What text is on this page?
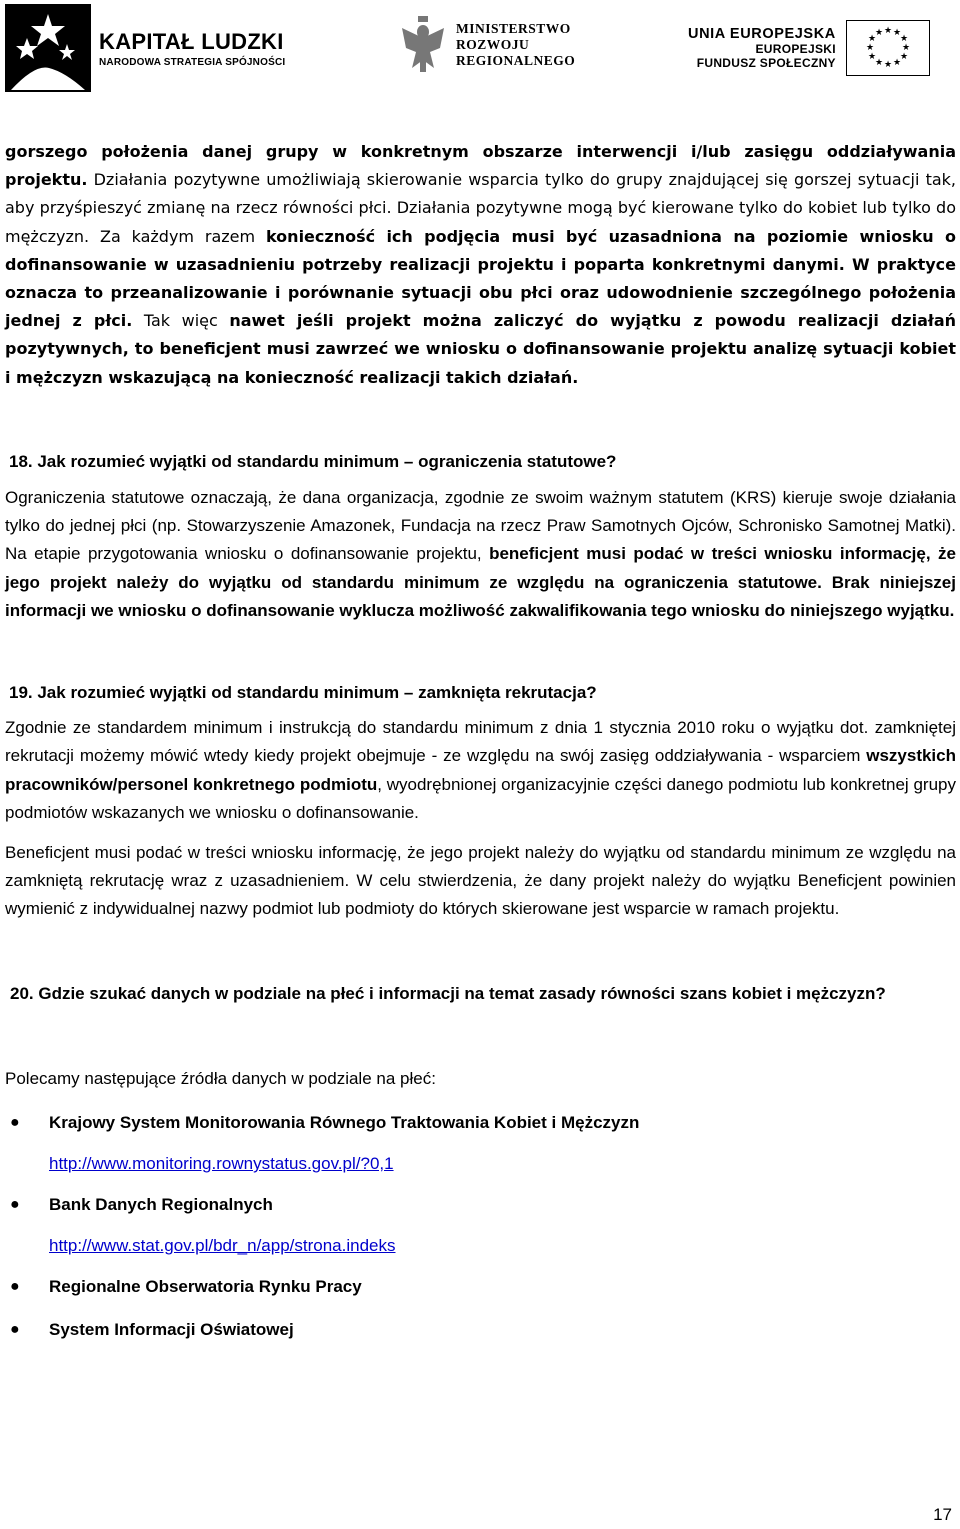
KAPITAŁ LUDZKI
NARODOWA STRATEGIA SPÓJNOŚCI
MINISTERSTWO
ROZWOJU
REGIONALNEGO
UNIA EUROPEJSKA
EUROPEJSKI
FUNDUSZ SPOŁECZNY
★ ★
★
★
★
★
★
★
★
★
★
★

gorszego położenia danej grupy w konkretnym obszarze interwencji i/lub zasięgu oddziaływania projektu. Działania pozytywne umożliwiają skierowanie wsparcia tylko do grupy znajdującej się gorszej sytuacji tak, aby przyśpieszyć zmianę na rzecz równości płci. Działania pozytywne mogą być kierowane tylko do kobiet lub tylko do mężczyzn. Za każdym razem konieczność ich podjęcia musi być uzasadniona na poziomie wniosku o dofinansowanie w uzasadnieniu potrzeby realizacji projektu i poparta konkretnymi danymi. W praktyce oznacza to przeanalizowanie i porównanie sytuacji obu płci oraz udowodnienie szczególnego położenia jednej z płci. Tak więc nawet jeśli projekt można zaliczyć do wyjątku z powodu realizacji działań pozytywnych, to beneficjent musi zawrzeć we wniosku o dofinansowanie projektu analizę sytuacji kobiet i mężczyzn wskazującą na konieczność realizacji takich działań.

18. Jak rozumieć wyjątki od standardu minimum – ograniczenia statutowe?

Ograniczenia statutowe oznaczają, że dana organizacja, zgodnie ze swoim ważnym statutem (KRS) kieruje swoje działania tylko do jednej płci (np. Stowarzyszenie Amazonek, Fundacja na rzecz Praw Samotnych Ojców, Schronisko Samotnej Matki). Na etapie przygotowania wniosku o dofinansowanie projektu, beneficjent musi podać w treści wniosku informację, że jego projekt należy do wyjątku od standardu minimum ze względu na ograniczenia statutowe. Brak niniejszej informacji we wniosku o dofinansowanie wyklucza możliwość zakwalifikowania tego wniosku do niniejszego wyjątku.

19. Jak rozumieć wyjątki od standardu minimum – zamknięta rekrutacja?

Zgodnie ze standardem minimum i instrukcją do standardu minimum z dnia 1 stycznia 2010 roku o wyjątku dot. zamkniętej rekrutacji możemy mówić wtedy kiedy projekt obejmuje - ze względu na swój zasięg oddziaływania - wsparciem wszystkich pracowników/personel konkretnego podmiotu, wyodrębnionej organizacyjnie części danego podmiotu lub konkretnej grupy podmiotów wskazanych we wniosku o dofinansowanie.

Beneficjent musi podać w treści wniosku informację, że jego projekt należy do wyjątku od standardu minimum ze względu na zamkniętą rekrutację wraz z uzasadnieniem. W celu stwierdzenia, że dany projekt należy do wyjątku Beneficjent powinien wymienić z indywidualnej nazwy podmiot lub podmioty do których skierowane jest wsparcie w ramach projektu.

20. Gdzie szukać danych w podziale na płeć i informacji na temat zasady równości szans kobiet i mężczyzn?

Polecamy następujące źródła danych w podziale na płeć:

● Krajowy System Monitorowania Równego Traktowania Kobiet i Mężczyzn
http://www.monitoring.rownystatus.gov.pl/?0,1
● Bank Danych Regionalnych
http://www.stat.gov.pl/bdr_n/app/strona.indeks
● Regionalne Obserwatoria Rynku Pracy
● System Informacji Oświatowej
17
